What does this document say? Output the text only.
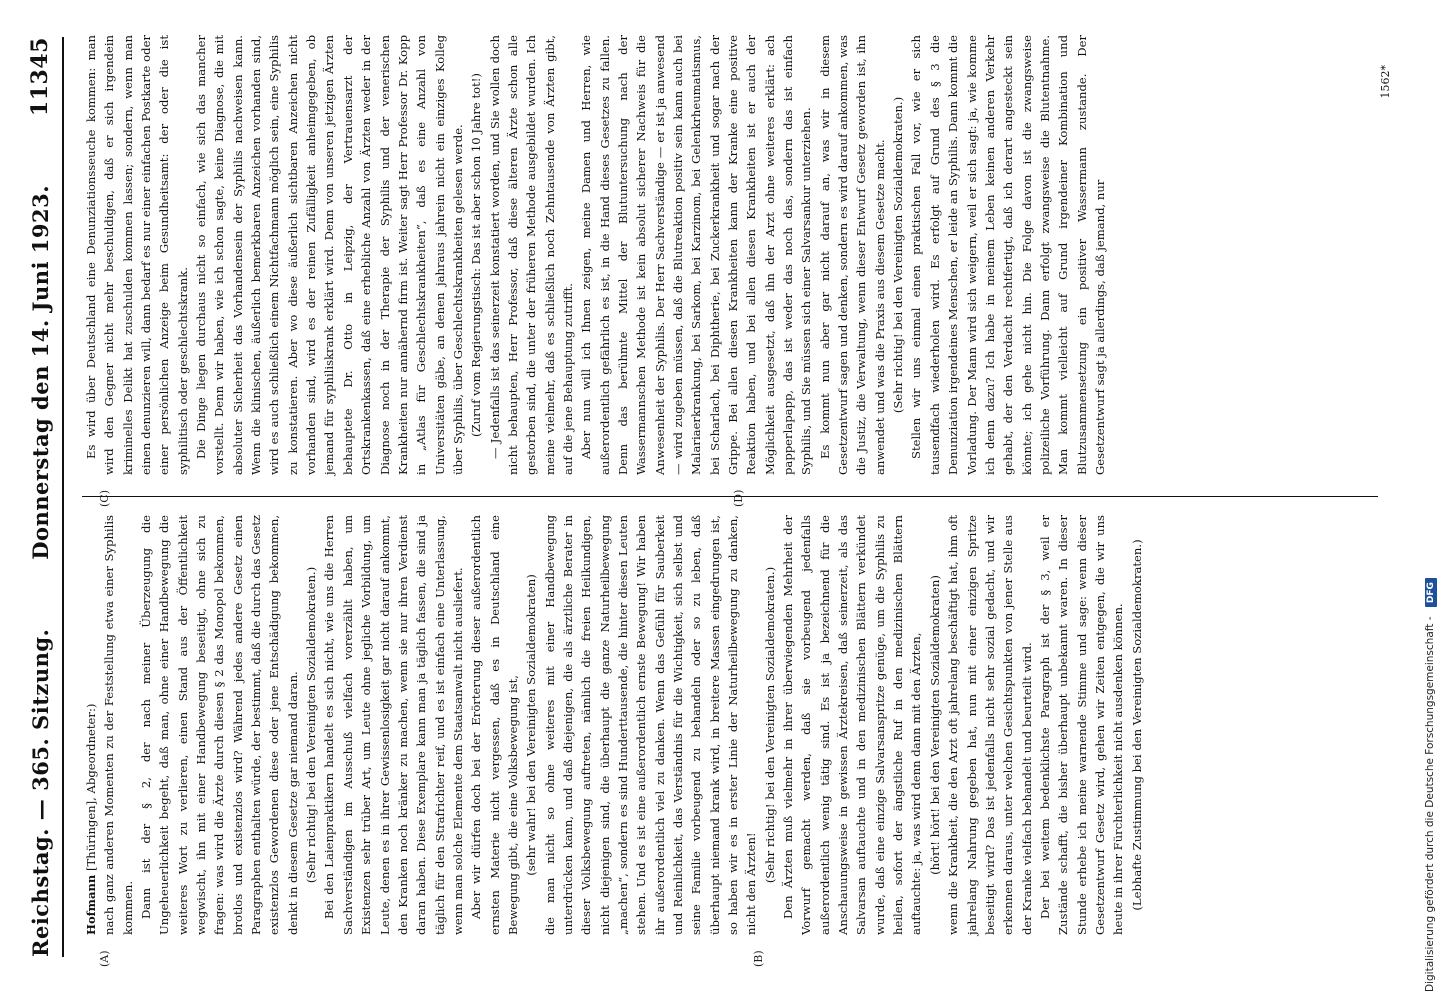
Reichstag. — 365. Sitzung.
Donnerstag den 14. Juni 1923.
11345
(A)	(B)
(C)	(D)

Hofmann [Thüringen], Abgeordneter:) nach ganz anderen Momenten zu der Feststellung etwa einer Syphilis kommen. Dann ist der § 2, der nach meiner Überzeugung die Ungeheuerlichkeit begeht, daß man, ohne einer Handbewegung die weiteres Wort zu verlieren, einen Stand aus der Öffentlichkeit wegwischt, ihn mit einer Handbewegung beseitigt, ohne sich zu fragen: was wird die Ärzte durch diesen § 2 das Monopol bekommen, brotlos und existenzlos wird? Während jedes andere Gesetz einen Paragraphen enthalten würde, der bestimmt, daß die durch das Gesetz existenzlos Gewordenen diese oder jene Entschädigung bekommen, denkt in diesem Gesetze gar niemand daran. (Sehr richtig! bei den Vereinigten Sozialdemokraten.) Bei den Laienpraktikern handelt es sich nicht, wie uns die Herren Sachverständigen im Ausschuß vielfach vorerzählt haben, um Existenzen sehr trüber Art, um Leute ohne jegliche Vorbildung, um Leute, denen es in ihrer Gewissenlosigkeit gar nicht darauf ankommt, den Kranken noch kränker zu machen, wenn sie nur ihren Verdienst daran haben. Diese Exemplare kann man ja täglich fassen, die sind ja täglich für den Strafrichter reif, und es ist einfach eine Unterlassung, wenn man solche Elemente dem Staatsanwalt nicht ausliefert. Aber wir dürfen doch bei der Erörterung dieser außerordentlich ernsten Materie nicht vergessen, daß es in Deutschland eine Bewegung gibt, die eine Volksbewegung ist, (sehr wahr! bei den Vereinigten Sozialdemokraten) die man nicht so ohne weiteres mit einer Handbewegung unterdrücken kann, und daß diejenigen, die als ärztliche Berater in dieser Volksbewegung auftreten, nämlich die freien Heilkundigen, nicht diejenigen sind, die überhaupt die ganze Naturheilbewegung „machen“, sondern es sind Hunderttausende, die hinter diesen Leuten stehen. Und es ist eine außerordentlich ernste Bewegung! Wir haben ihr außerordentlich viel zu danken. Wenn das Gefühl für Sauberkeit und Reinlichkeit, das Verständnis für die Wichtigkeit, sich selbst und seine Familie vorbeugend zu behandeln oder so zu leben, daß überhaupt niemand krank wird, in breitere Massen eingedrungen ist, so haben wir es in erster Linie der Naturheilbewegung zu danken, nicht den Ärzten!

(Sehr richtig! bei den Vereinigten Sozialdemokraten.) Den Ärzten muß vielmehr in ihrer überwiegenden Mehrheit der Vorwurf gemacht werden, daß sie vorbeugend jedenfalls außerordentlich wenig tätig sind. Es ist ja bezeichnend für die Anschauungsweise in gewissen Ärztekreisen, daß seinerzeit, als das Salvarsan auftauchte und in den medizinischen Blättern verkündet wurde, daß eine einzige Salvarsanspritze genüge, um die Syphilis zu heilen, sofort der ängstliche Ruf in den medizinischen Blättern auftauchte: ja, was wird denn dann mit den Ärzten, (hört! hört! bei den Vereinigten Sozialdemokraten) wenn die Krankheit, die den Arzt oft jahrelang beschäftigt hat, ihm oft jahrelang Nahrung gegeben hat, nun mit einer einzigen Spritze beseitigt wird? Das ist jedenfalls nicht sehr sozial gedacht, und wir erkennen daraus, unter welchen Gesichtspunkten von jener Stelle aus der Kranke vielfach behandelt und beurteilt wird. Der bei weitem bedenklichste Paragraph ist der § 3, weil er Zustände schafft, die bisher überhaupt unbekannt waren. In dieser Stunde erhebe ich meine warnende Stimme und sage: wenn dieser Gesetzentwurf Gesetz wird, gehen wir Zeiten entgegen, die wir uns heute in ihrer Fürchterlichkeit nicht ausdenken können. (Lebhafte Zustimmung bei den Vereinigten Sozialdemokraten.)

Es wird über Deutschland eine Denunziationsseuche kommen: man wird den Gegner nicht mehr beschuldigen, daß er sich irgendein kriminelles Delikt hat zuschulden kommen lassen; sondern, wenn man einen denunzieren will, dann bedarf es nur einer einfachen Postkarte oder einer persönlichen Anzeige beim Gesundheitsamt: der oder die ist syphilitisch oder geschlechtskrank. Die Dinge liegen durchaus nicht so einfach, wie sich das mancher vorstellt. Denn wir haben, wie ich schon sagte, keine Diagnose, die mit absoluter Sicherheit das Vorhandensein der Syphilis nachweisen kann. Wenn die klinischen, äußerlich bemerkbaren Anzeichen vorhanden sind, wird es auch schließlich einem Nichtfachmann möglich sein, eine Syphilis zu konstatieren. Aber wo diese äußerlich sichtbaren Anzeichen nicht vorhanden sind, wird es der reinen Zufälligkeit anheimgegeben, ob jemand für syphiliskrank erklärt wird. Denn von unseren jetzigen Ärzten behauptete Dr. Otto in Leipzig, der Vertrauensarzt der Ortskrankenkassen, daß eine erhebliche Anzahl von Ärzten weder in der Diagnose noch in der Therapie der Syphilis und der venerischen Krankheiten nur annähernd firm ist. Weiter sagt Herr Professor Dr. Kopp in „Atlas für Geschlechtskrankheiten“, daß es eine Anzahl von Universitäten gäbe, an denen jahraus jahrein nicht ein einziges Kolleg über Syphilis, über Geschlechtskrankheiten gelesen werde. (Zuruf vom Regierungstisch: Das ist aber schon 10 Jahre tot!) — Jedenfalls ist das seinerzeit konstatiert worden, und Sie wollen doch nicht behaupten, Herr Professor, daß diese älteren Ärzte schon alle gestorben sind, die unter der früheren Methode ausgebildet wurden. Ich meine vielmehr, daß es schließlich noch Zehntausende von Ärzten gibt, auf die jene Behauptung zutrifft. Aber nun will ich Ihnen zeigen, meine Damen und Herren, wie außerordentlich gefährlich es ist, in die Hand dieses Gesetzes zu fallen. Denn das berühmte Mittel der Blutuntersuchung nach der Wassermannschen Methode ist kein absolut sicherer Nachweis für die Anwesenheit der Syphilis. Der Herr Sachverständige — er ist ja anwesend — wird zugeben müssen, daß die Blutreaktion positiv sein kann auch bei Malariaerkrankung, bei Sarkom, bei Karzinom, bei Gelenkrheumatismus, bei Scharlach, bei Diphtherie, bei Zuckerkrankheit und sogar nach der Grippe. Bei allen diesen Krankheiten kann der Kranke eine positive Reaktion haben, und bei allen diesen Krankheiten ist er auch der Möglichkeit ausgesetzt, daß ihn der Arzt ohne weiteres erklärt: ach papperlapapp, das ist weder das noch das, sondern das ist einfach Syphilis, und Sie müssen sich einer Salvarsankur unterziehen. Es kommt nun aber gar nicht darauf an, was wir in diesem Gesetzentwurf sagen und denken, sondern es wird darauf ankommen, was die Justiz, die Verwaltung, wenn dieser Entwurf Gesetz geworden ist, ihn anwendet und was die Praxis aus diesem Gesetze macht. (Sehr richtig! bei den Vereinigten Sozialdemokraten.) Stellen wir uns einmal einen praktischen Fall vor, wie er sich tausendfach wiederholen wird. Es erfolgt auf Grund des § 3 die Denunziation irgendeines Menschen, er leide an Syphilis. Dann kommt die Vorladung. Der Mann wird sich weigern, weil er sich sagt: ja, wie komme ich denn dazu? Ich habe in meinem Leben keinen anderen Verkehr gehabt, der den Verdacht rechtfertigt, daß ich derart angesteckt sein könnte; ich gehe nicht hin. Die Folge davon ist die zwangsweise polizeiliche Vorführung. Dann erfolgt zwangsweise die Blutentnahme. Man kommt vielleicht auf Grund irgendeiner Kombination und Blutzusammensetzung ein positiver Wassermann zustande. Der Gesetzentwurf sagt ja allerdings, daß jemand, nur

1562*
Digitalisierung gefördert durch die Deutsche Forschungsgemeinschaft - DFG
